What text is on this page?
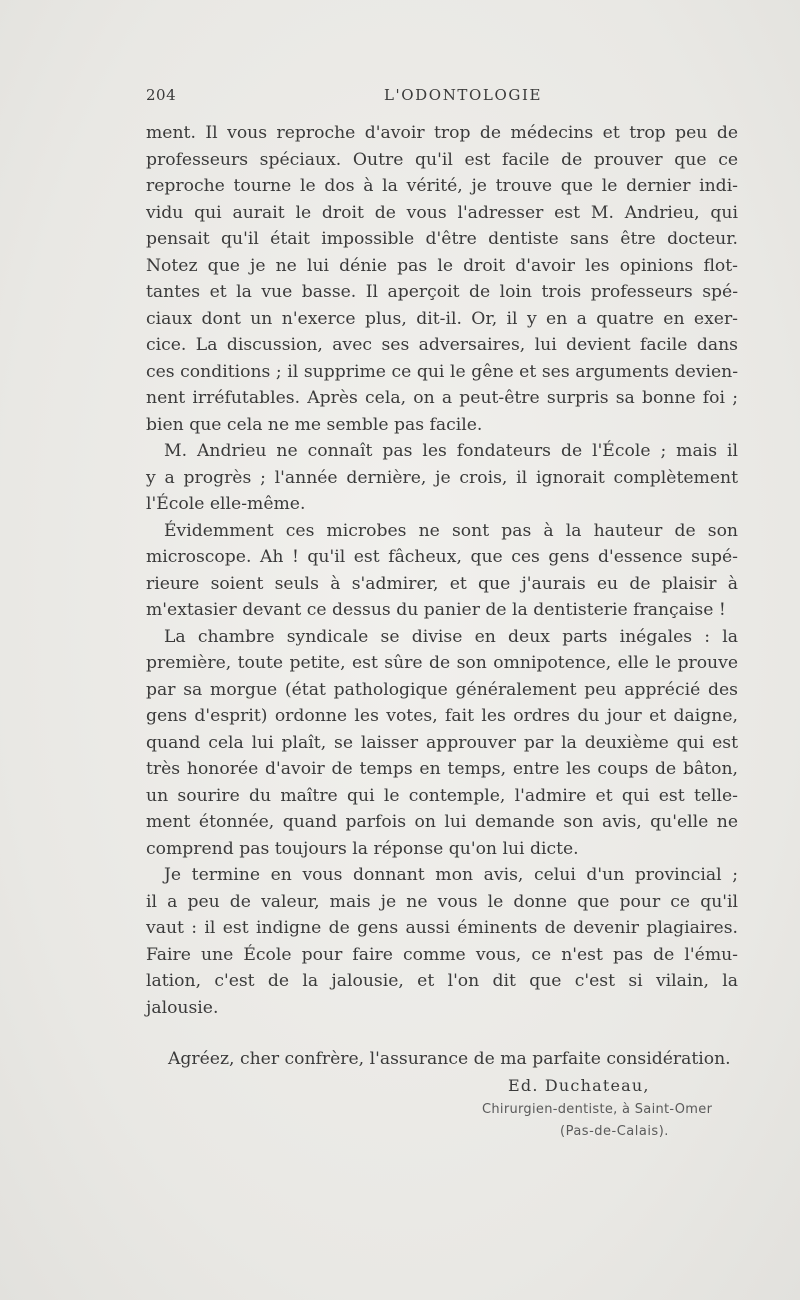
204	L'ODONTOLOGIE
ment. Il vous reproche d'avoir trop de médecins et trop peu de
professeurs spéciaux. Outre qu'il est facile de prouver que ce
reproche tourne le dos à la vérité, je trouve que le dernier indi-
vidu qui aurait le droit de vous l'adresser est M. Andrieu, qui
pensait qu'il était impossible d'être dentiste sans être docteur.
Notez que je ne lui dénie pas le droit d'avoir les opinions flot-
tantes et la vue basse. Il aperçoit de loin trois professeurs spé-
ciaux dont un n'exerce plus, dit-il. Or, il y en a quatre en exer-
cice. La discussion, avec ses adversaires, lui devient facile dans
ces conditions ; il supprime ce qui le gêne et ses arguments devien-
nent irréfutables. Après cela, on a peut-être surpris sa bonne foi ;
bien que cela ne me semble pas facile.
M. Andrieu ne connaît pas les fondateurs de l'École ; mais il
y a progrès ; l'année dernière, je crois, il ignorait complètement
l'École elle-même.
Évidemment ces microbes ne sont pas à la hauteur de son
microscope. Ah ! qu'il est fâcheux, que ces gens d'essence supé-
rieure soient seuls à s'admirer, et que j'aurais eu de plaisir à
m'extasier devant ce dessus du panier de la dentisterie française !
La chambre syndicale se divise en deux parts inégales : la
première, toute petite, est sûre de son omnipotence, elle le prouve
par sa morgue (état pathologique généralement peu apprécié des
gens d'esprit) ordonne les votes, fait les ordres du jour et daigne,
quand cela lui plaît, se laisser approuver par la deuxième qui est
très honorée d'avoir de temps en temps, entre les coups de bâton,
un sourire du maître qui le contemple, l'admire et qui est telle-
ment étonnée, quand parfois on lui demande son avis, qu'elle ne
comprend pas toujours la réponse qu'on lui dicte.
Je termine en vous donnant mon avis, celui d'un provincial ;
il a peu de valeur, mais je ne vous le donne que pour ce qu'il
vaut : il est indigne de gens aussi éminents de devenir plagiaires.
Faire une École pour faire comme vous, ce n'est pas de l'ému-
lation, c'est de la jalousie, et l'on dit que c'est si vilain, la
jalousie.
Agréez, cher confrère, l'assurance de ma parfaite considération.
Ed. Duchateau,
Chirurgien-dentiste, à Saint-Omer
(Pas-de-Calais).
